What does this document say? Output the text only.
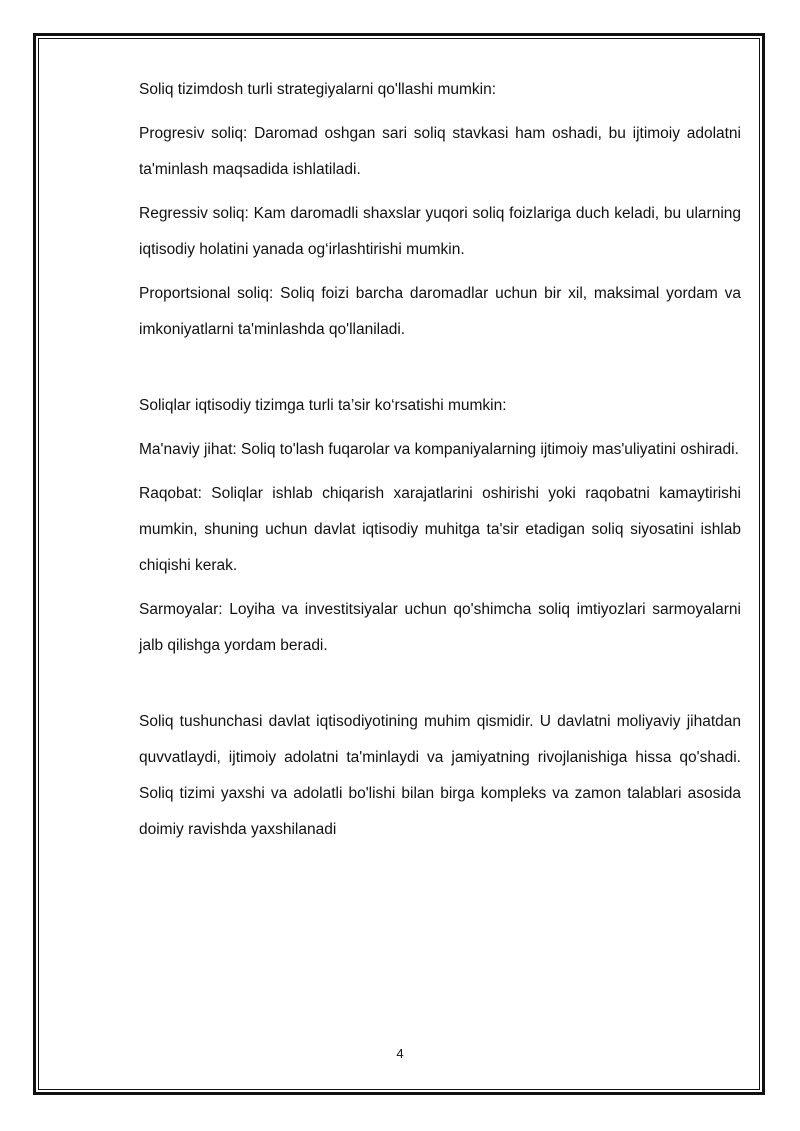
Soliq tizimdosh turli strategiyalarni qo'llashi mumkin:

Progresiv soliq: Daromad oshgan sari soliq stavkasi ham oshadi, bu ijtimoiy adolatni ta'minlash maqsadida ishlatiladi.

Regressiv soliq: Kam daromadli shaxslar yuqori soliq foizlariga duch keladi, bu ularning iqtisodiy holatini yanada og‘irlashtirishi mumkin.

Proportsional soliq: Soliq foizi barcha daromadlar uchun bir xil, maksimal yordam va imkoniyatlarni ta'minlashda qo'llaniladi.

Soliqlar iqtisodiy tizimga turli ta’sir ko‘rsatishi mumkin:

Ma'naviy jihat: Soliq to'lash fuqarolar va kompaniyalarning ijtimoiy mas'uliyatini oshiradi.

Raqobat: Soliqlar ishlab chiqarish xarajatlarini oshirishi yoki raqobatni kamaytirishi mumkin, shuning uchun davlat iqtisodiy muhitga ta'sir etadigan soliq siyosatini ishlab chiqishi kerak.

Sarmoyalar: Loyiha va investitsiyalar uchun qo'shimcha soliq imtiyozlari sarmoyalarni jalb qilishga yordam beradi.

Soliq tushunchasi davlat iqtisodiyotining muhim qismidir. U davlatni moliyaviy jihatdan quvvatlaydi, ijtimoiy adolatni ta'minlaydi va jamiyatning rivojlanishiga hissa qo'shadi. Soliq tizimi yaxshi va adolatli bo'lishi bilan birga kompleks va zamon talablari asosida doimiy ravishda yaxshilanadi

4
